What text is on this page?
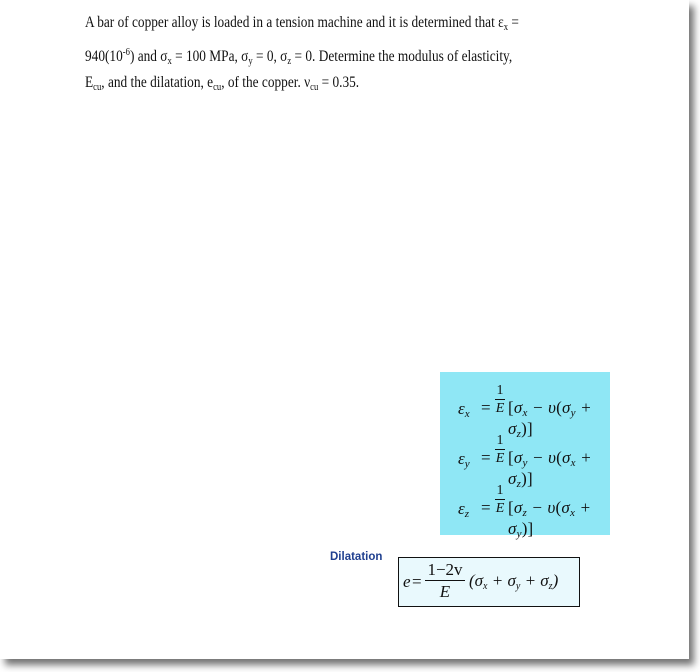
A bar of copper alloy is loaded in a tension machine and it is determined that $\varepsilon_x$ =
$940(10^{-6})$ and $\sigma_x = 100$ MPa, $\sigma_y = 0$, $\sigma_z = 0$. Determine the modulus of elasticity,
$E_{cu}$, and the dilatation, $e_{cu}$, of the copper. $\nu_{cu} = 0.35$.
εx =
1
E [σx − υ(σy + σz)]
εy =
1
E [σy − υ(σx + σz)]
εz =
1
E [σz − υ(σx + σy)]
Dilatation
e =
1−2v
E
(σx + σy + σz)
